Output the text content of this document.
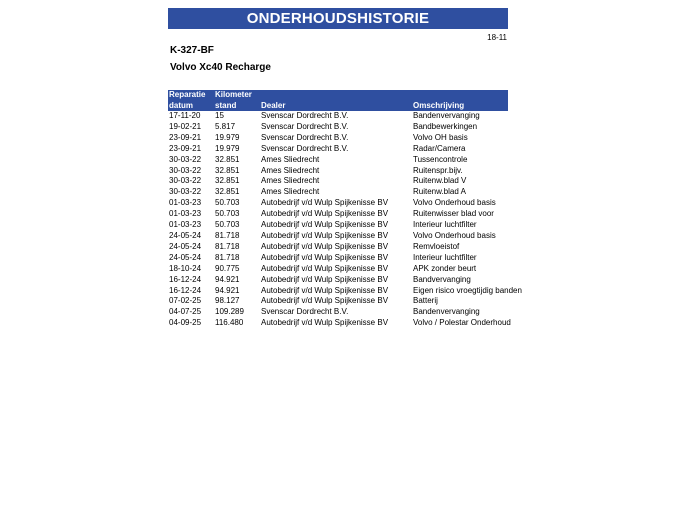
ONDERHOUDSHISTORIE
18-11
K-327-BF
Volvo Xc40 Recharge
Reparatie	Kilometer		
datum	stand	Dealer	Omschrijving
17-11-20	15	Svenscar Dordrecht B.V.	Bandenvervanging
19-02-21	5.817	Svenscar Dordrecht B.V.	Bandbewerkingen
23-09-21	19.979	Svenscar Dordrecht B.V.	Volvo OH basis
23-09-21	19.979	Svenscar Dordrecht B.V.	Radar/Camera
30-03-22	32.851	Ames Sliedrecht	Tussencontrole
30-03-22	32.851	Ames Sliedrecht	Ruitenspr.bijv.
30-03-22	32.851	Ames Sliedrecht	Ruitenw.blad V
30-03-22	32.851	Ames Sliedrecht	Ruitenw.blad A
01-03-23	50.703	Autobedrijf v/d Wulp Spijkenisse BV	Volvo Onderhoud basis
01-03-23	50.703	Autobedrijf v/d Wulp Spijkenisse BV	Ruitenwisser blad voor
01-03-23	50.703	Autobedrijf v/d Wulp Spijkenisse BV	Interieur luchtfilter
24-05-24	81.718	Autobedrijf v/d Wulp Spijkenisse BV	Volvo Onderhoud basis
24-05-24	81.718	Autobedrijf v/d Wulp Spijkenisse BV	Remvloeistof
24-05-24	81.718	Autobedrijf v/d Wulp Spijkenisse BV	Interieur luchtfilter
18-10-24	90.775	Autobedrijf v/d Wulp Spijkenisse BV	APK zonder beurt
16-12-24	94.921	Autobedrijf v/d Wulp Spijkenisse BV	Bandvervanging
16-12-24	94.921	Autobedrijf v/d Wulp Spijkenisse BV	Eigen risico vroegtijdig banden
07-02-25	98.127	Autobedrijf v/d Wulp Spijkenisse BV	Batterij
04-07-25	109.289	Svenscar Dordrecht B.V.	Bandenvervanging
04-09-25	116.480	Autobedrijf v/d Wulp Spijkenisse BV	Volvo / Polestar Onderhoud
